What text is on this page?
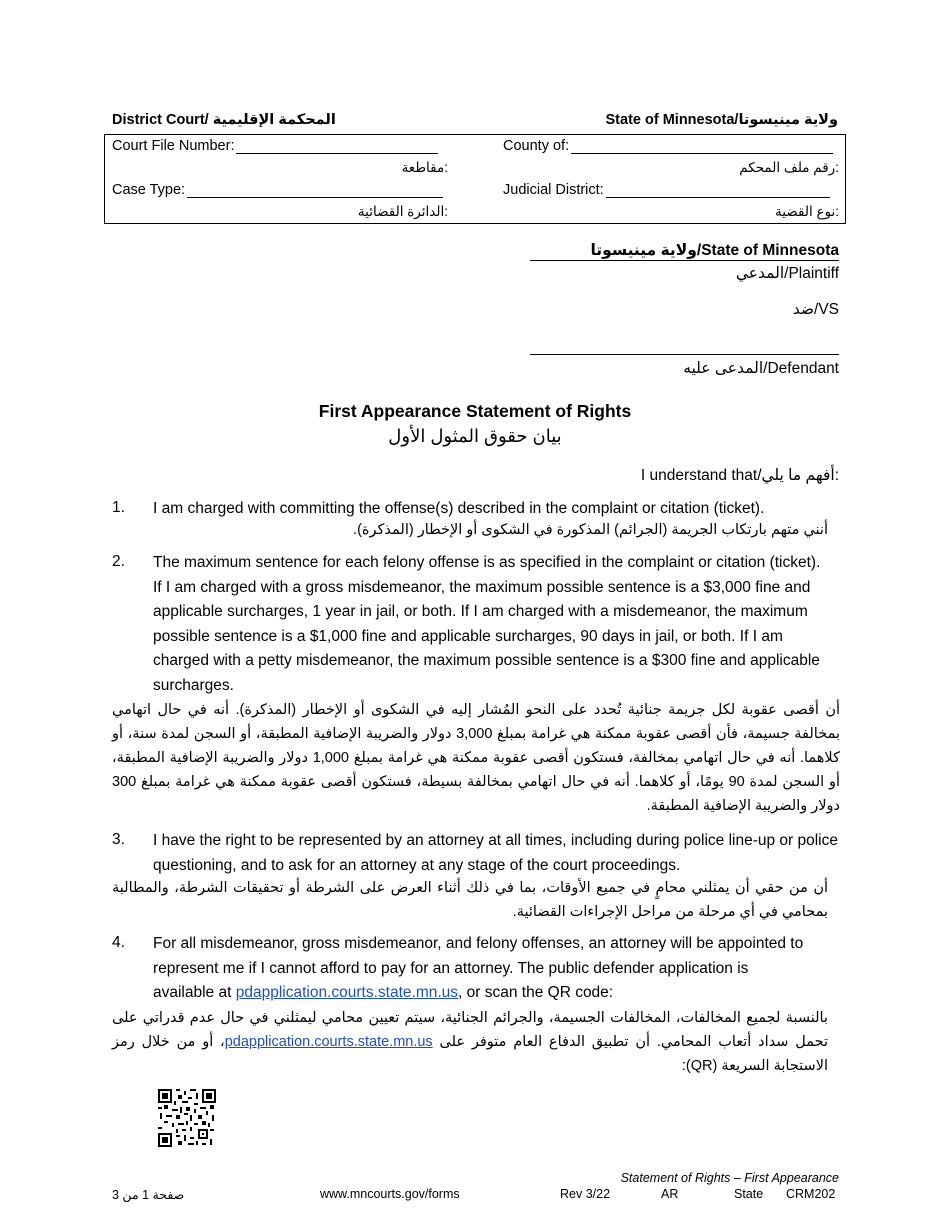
المحكمة الإقليمية /District Court	ولاية مينيسوتا/State of Minnesota
Court File Number:	County of:
مقاطعة:	رقم ملف المحكم:
Case Type:	Judicial District:
الدائرة القضائية:	نوع القضية:
ولاية مينيسوتا/State of Minnesota
المدعي/Plaintiff
ضد/VS
المدعى عليه/Defendant
First Appearance Statement of Rights
بيان حقوق المثول الأول
I understand that/أفهم ما يلي:
1. I am charged with committing the offense(s) described in the complaint or citation (ticket).
أنني متهم بارتكاب الجريمة (الجرائم) المذكورة في الشكوى أو الإخطار (المذكرة).
2. The maximum sentence for each felony offense is as specified in the complaint or citation (ticket). If I am charged with a gross misdemeanor, the maximum possible sentence is a $3,000 fine and applicable surcharges, 1 year in jail, or both. If I am charged with a misdemeanor, the maximum possible sentence is a $1,000 fine and applicable surcharges, 90 days in jail, or both. If I am charged with a petty misdemeanor, the maximum possible sentence is a $300 fine and applicable surcharges.
أن أقصى عقوبة لكل جريمة جنائية تُحدد على النحو المُشار إليه في الشكوى أو الإخطار (المذكرة). أنه في حال اتهامي بمخالفة جسيمة، فأن أقصى عقوبة ممكنة هي غرامة بمبلغ 3,000 دولار والضريبة الإضافية المطبقة، أو السجن لمدة سنة، أو كلاهما. أنه في حال اتهامي بمخالفة، فستكون أقصى عقوبة ممكنة هي غرامة بمبلغ 1,000 دولار والضريبة الإضافية المطبقة، أو السجن لمدة 90 يومًا، أو كلاهما. أنه في حال اتهامي بمخالفة بسيطة، فستكون أقصى عقوبة ممكنة هي غرامة بمبلغ 300 دولار والضريبة الإضافية المطبقة.
3. I have the right to be represented by an attorney at all times, including during police line-up or police questioning, and to ask for an attorney at any stage of the court proceedings.
أن من حقي أن يمثلني محامٍ في جميع الأوقات، بما في ذلك أثناء العرض على الشرطة أو تحقيقات الشرطة، والمطالبة بمحامي في أي مرحلة من مراحل الإجراءات القضائية.
4. For all misdemeanor, gross misdemeanor, and felony offenses, an attorney will be appointed to represent me if I cannot afford to pay for an attorney. The public defender application is available at pdapplication.courts.state.mn.us, or scan the QR code:
بالنسبة لجميع المخالفات، المخالفات الجسيمة، والجرائم الجنائية، سيتم تعيين محامي ليمثلني في حال عدم قدراتي على تحمل سداد أتعاب المحامي. أن تطبيق الدفاع العام متوفر على pdapplication.courts.state.mn.us، أو من خلال رمز الاستجابة السريعة (QR):
Statement of Rights – First Appearance
صفحة 1 من 3	www.mncourts.gov/forms	Rev 3/22	AR	State CRM202
